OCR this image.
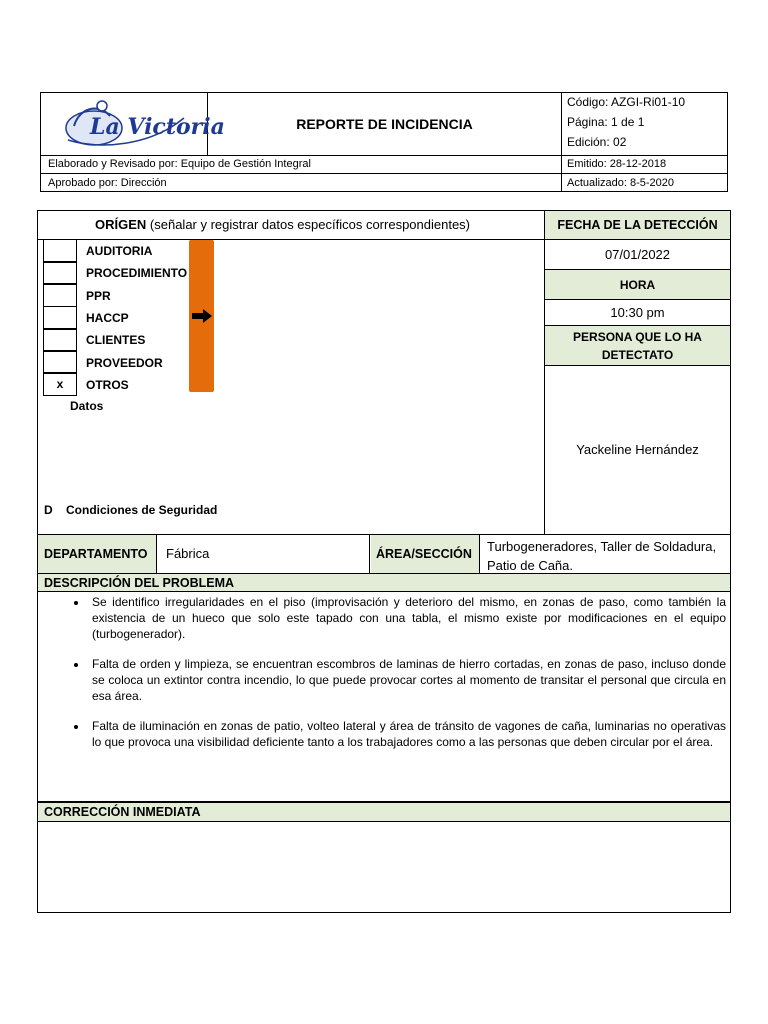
La Victoria	REPORTE DE INCIDENCIA
Código: AZGI-Ri01-10
Página: 1 de 1
Edición: 02
Elaborado y Revisado por: Equipo de Gestión Integral	Emitido: 28-12-2018
Aprobado por: Dirección	Actualizado: 8-5-2020
ORÍGEN (señalar y registrar datos específicos correspondientes)
AUDITORIA
PROCEDIMIENTO
PPR
HACCP
CLIENTES
PROVEEDOR
x	OTROS
Datos
D Condiciones de Seguridad
FECHA DE LA DETECCIÓN
07/01/2022
HORA
10:30 pm
PERSONA QUE LO HA DETECTATO
Yackeline Hernández
DEPARTAMENTO	Fábrica	ÁREA/SECCIÓN	Turbogeneradores, Taller de Soldadura, Patio de Caña.
DESCRIPCIÓN DEL PROBLEMA
• Se identifico irregularidades en el piso (improvisación y deterioro del mismo, en zonas de paso, como también la existencia de un hueco que solo este tapado con una tabla, el mismo existe por modificaciones en el equipo (turbogenerador).
• Falta de orden y limpieza, se encuentran escombros de laminas de hierro cortadas, en zonas de paso, incluso donde se coloca un extintor contra incendio, lo que puede provocar cortes al momento de transitar el personal que circula en esa área.
• Falta de iluminación en zonas de patio, volteo lateral y área de tránsito de vagones de caña, luminarias no operativas lo que provoca una visibilidad deficiente tanto a los trabajadores como a las personas que deben circular por el área.
CORRECCIÓN INMEDIATA
